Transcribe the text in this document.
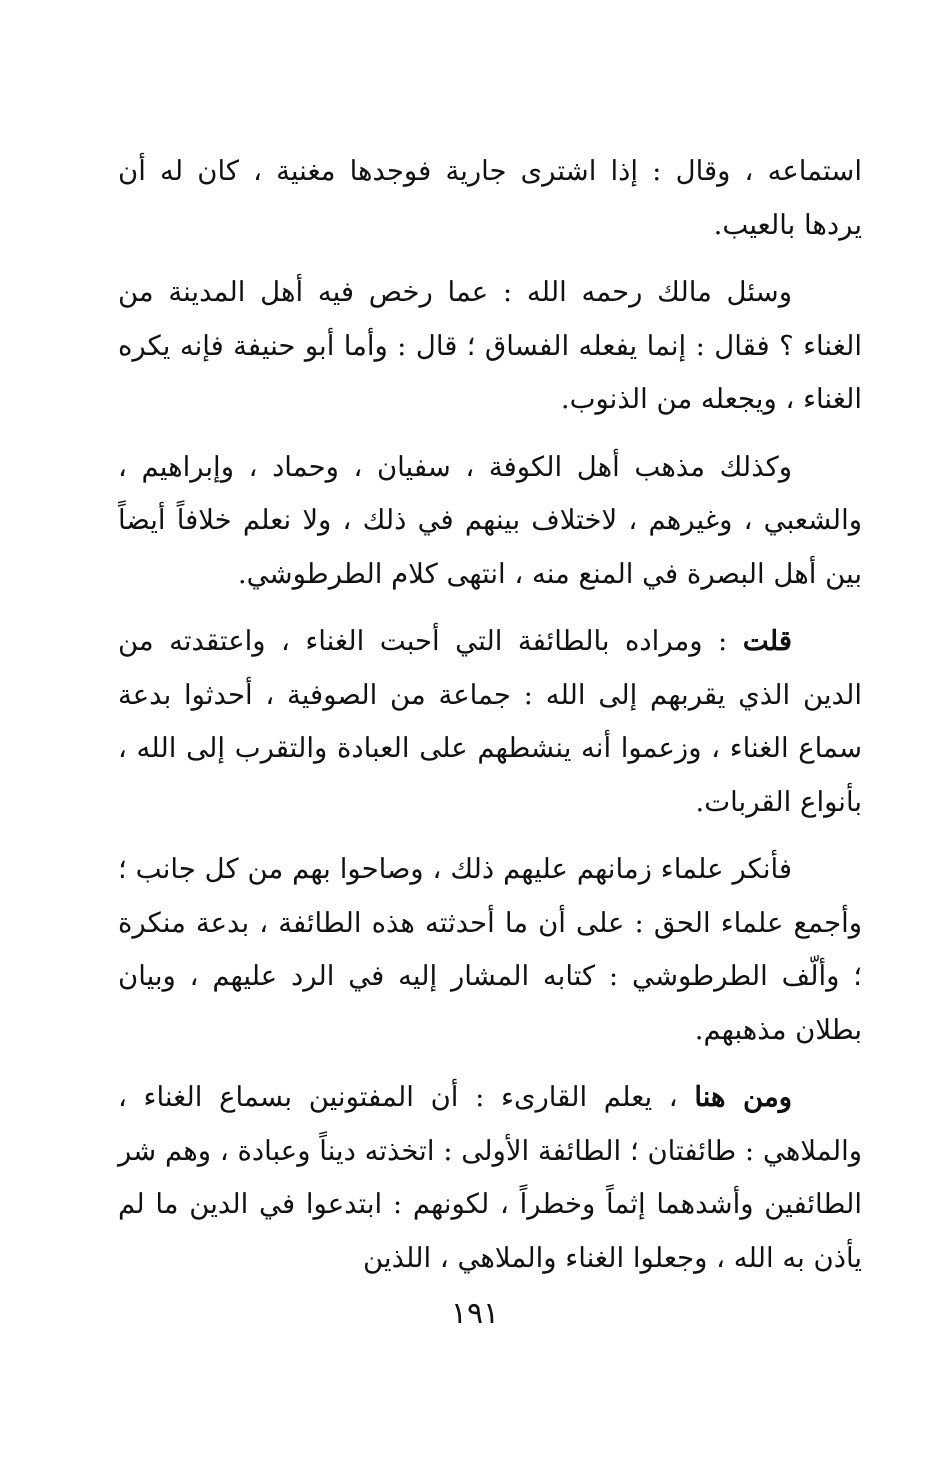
استماعه ، وقال : إذا اشترى جارية فوجدها مغنية ، كان له أن يردها بالعيب.

وسئل مالك رحمه الله : عما رخص فيه أهل المدينة من الغناء ؟ فقال : إنما يفعله الفساق ؛ قال : وأما أبو حنيفة فإنه يكره الغناء ، ويجعله من الذنوب.

وكذلك مذهب أهل الكوفة ، سفيان ، وحماد ، وإبراهيم ، والشعبي ، وغيرهم ، لاختلاف بينهم في ذلك ، ولا نعلم خلافاً أيضاً بين أهل البصرة في المنع منه ، انتهى كلام الطرطوشي.

قلت : ومراده بالطائفة التي أحبت الغناء ، واعتقدته من الدين الذي يقربهم إلى الله : جماعة من الصوفية ، أحدثوا بدعة سماع الغناء ، وزعموا أنه ينشطهم على العبادة والتقرب إلى الله ، بأنواع القربات.

فأنكر علماء زمانهم عليهم ذلك ، وصاحوا بهم من كل جانب ؛ وأجمع علماء الحق : على أن ما أحدثته هذه الطائفة ، بدعة منكرة ؛ وألّف الطرطوشي : كتابه المشار إليه في الرد عليهم ، وبيان بطلان مذهبهم.

ومن هنا ، يعلم القارىء : أن المفتونين بسماع الغناء ، والملاهي : طائفتان ؛ الطائفة الأولى : اتخذته ديناً وعبادة ، وهم شر الطائفين وأشدهما إثماً وخطراً ، لكونهم : ابتدعوا في الدين ما لم يأذن به الله ، وجعلوا الغناء والملاهي ، اللذين

١٩١
